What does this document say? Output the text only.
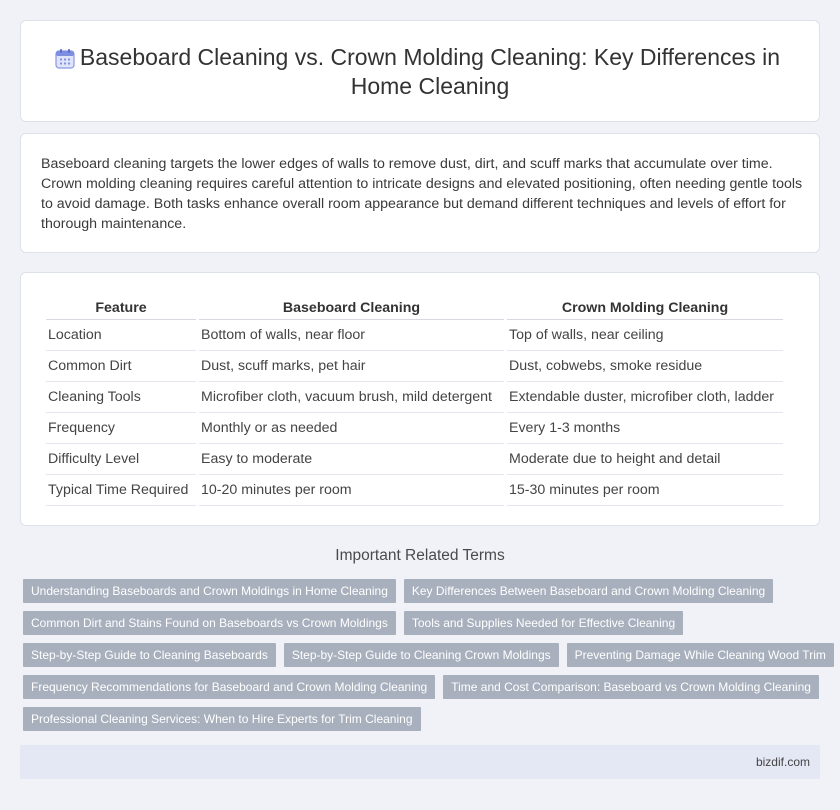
Baseboard Cleaning vs. Crown Molding Cleaning: Key Differences in Home Cleaning

Baseboard cleaning targets the lower edges of walls to remove dust, dirt, and scuff marks that accumulate over time. Crown molding cleaning requires careful attention to intricate designs and elevated positioning, often needing gentle tools to avoid damage. Both tasks enhance overall room appearance but demand different techniques and levels of effort for thorough maintenance.

Feature	Baseboard Cleaning	Crown Molding Cleaning
Location	Bottom of walls, near floor	Top of walls, near ceiling
Common Dirt	Dust, scuff marks, pet hair	Dust, cobwebs, smoke residue
Cleaning Tools	Microfiber cloth, vacuum brush, mild detergent	Extendable duster, microfiber cloth, ladder
Frequency	Monthly or as needed	Every 1-3 months
Difficulty Level	Easy to moderate	Moderate due to height and detail
Typical Time Required	10-20 minutes per room	15-30 minutes per room
Important Related Terms
Understanding Baseboards and Crown Moldings in Home Cleaning	Key Differences Between Baseboard and Crown Molding Cleaning
Common Dirt and Stains Found on Baseboards vs Crown Moldings	Tools and Supplies Needed for Effective Cleaning
Step-by-Step Guide to Cleaning Baseboards	Step-by-Step Guide to Cleaning Crown Moldings	Preventing Damage While Cleaning Wood Trim
Frequency Recommendations for Baseboard and Crown Molding Cleaning	Time and Cost Comparison: Baseboard vs Crown Molding Cleaning
Professional Cleaning Services: When to Hire Experts for Trim Cleaning
bizdif.com
